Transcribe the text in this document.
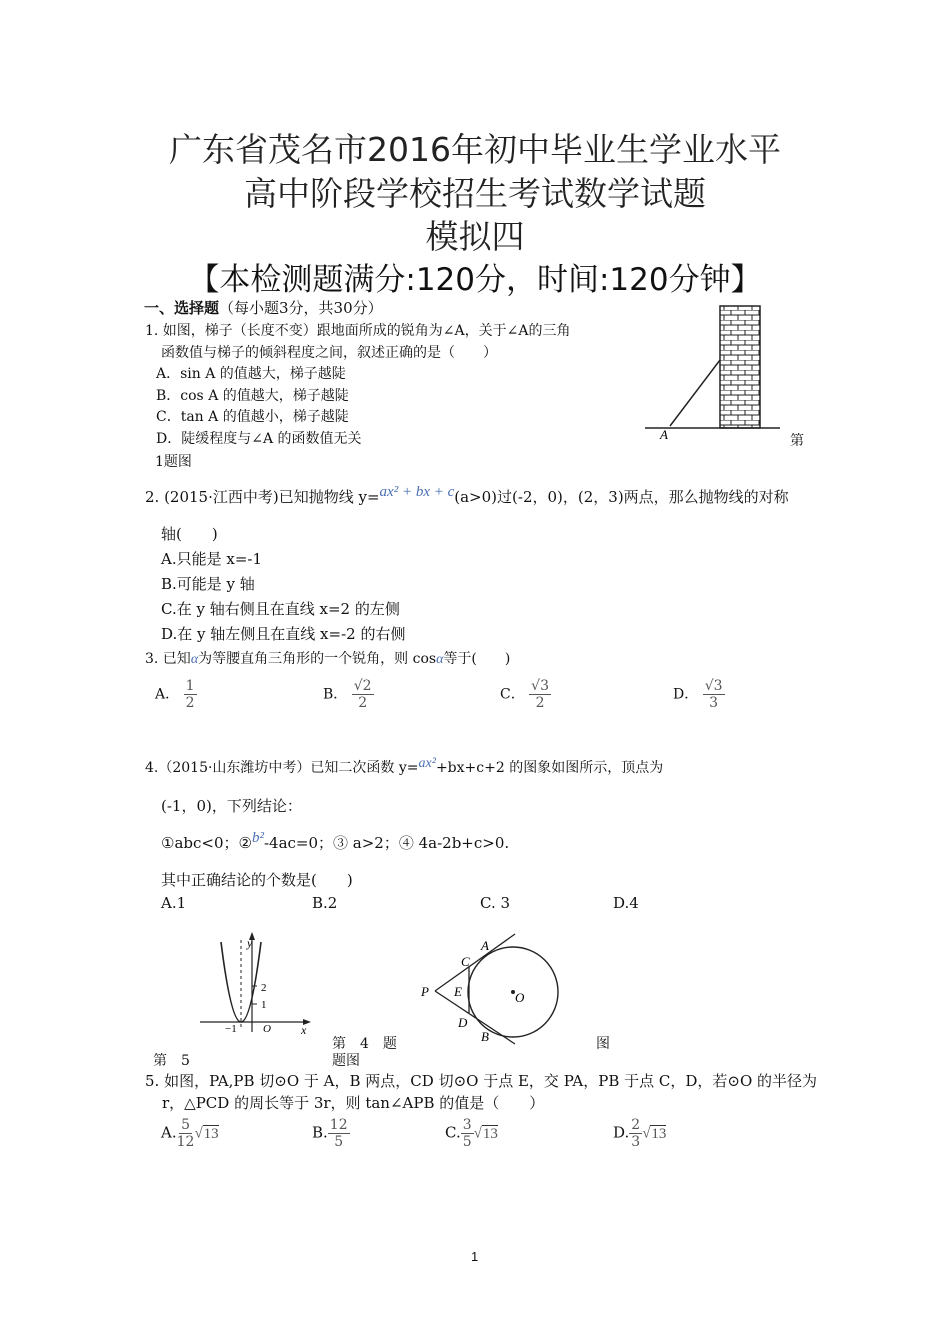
广东省茂名市2016年初中毕业生学业水平
高中阶段学校招生考试数学试题
模拟四
【本检测题满分:120分，时间:120分钟】
一、选择题（每小题3分，共30分）
1. 如图，梯子（长度不变）跟地面所成的锐角为∠A，关于∠A的三角
函数值与梯子的倾斜程度之间，叙述正确的是（　　）
A．sin A 的值越大，梯子越陡
B．cos A 的值越大，梯子越陡
C．tan A 的值越小，梯子越陡
D．陡缓程度与∠A 的函数值无关	第
1题图
A
2. (2015·江西中考)已知抛物线 y=ax² + bx + c(a>0)过(-2，0)，(2，3)两点，那么抛物线的对称
轴(　　)
A.只能是 x=-1
B.可能是 y 轴
C.在 y 轴右侧且在直线 x=2 的左侧
D.在 y 轴左侧且在直线 x=-2 的右侧
3. 已知α为等腰直角三角形的一个锐角，则 cosα等于(　　)
A． $\frac{1}{2}$	B． $\frac{√2}{2}$	C． $\frac{√3}{2}$	D． $\frac{√3}{3}$
4.（2015·山东潍坊中考）已知二次函数 y=ax²+bx+c+2 的图象如图所示，顶点为
(-1，0)，下列结论：
①abc<0；②b²-4ac=0；③ a>2；④ 4a-2b+c>0.
其中正确结论的个数是(　　)
A.1	B.2	C. 3	D.4
y
x
O
2
1
−1
A
B
C
D
E
P	O
第　4　题	图
第　5	题图
5. 如图，PA,PB 切⊙O 于 A，B 两点，CD 切⊙O 于点 E，交 PA，PB 于点 C，D，若⊙O 的半径为
r，△PCD 的周长等于 3r，则 tan∠APB 的值是（　　）
A. $\frac{5}{12} √13$	B. $\frac{12}{5}$	C. $\frac{3}{5} √13$	D. $\frac{2}{3} √13$
1
